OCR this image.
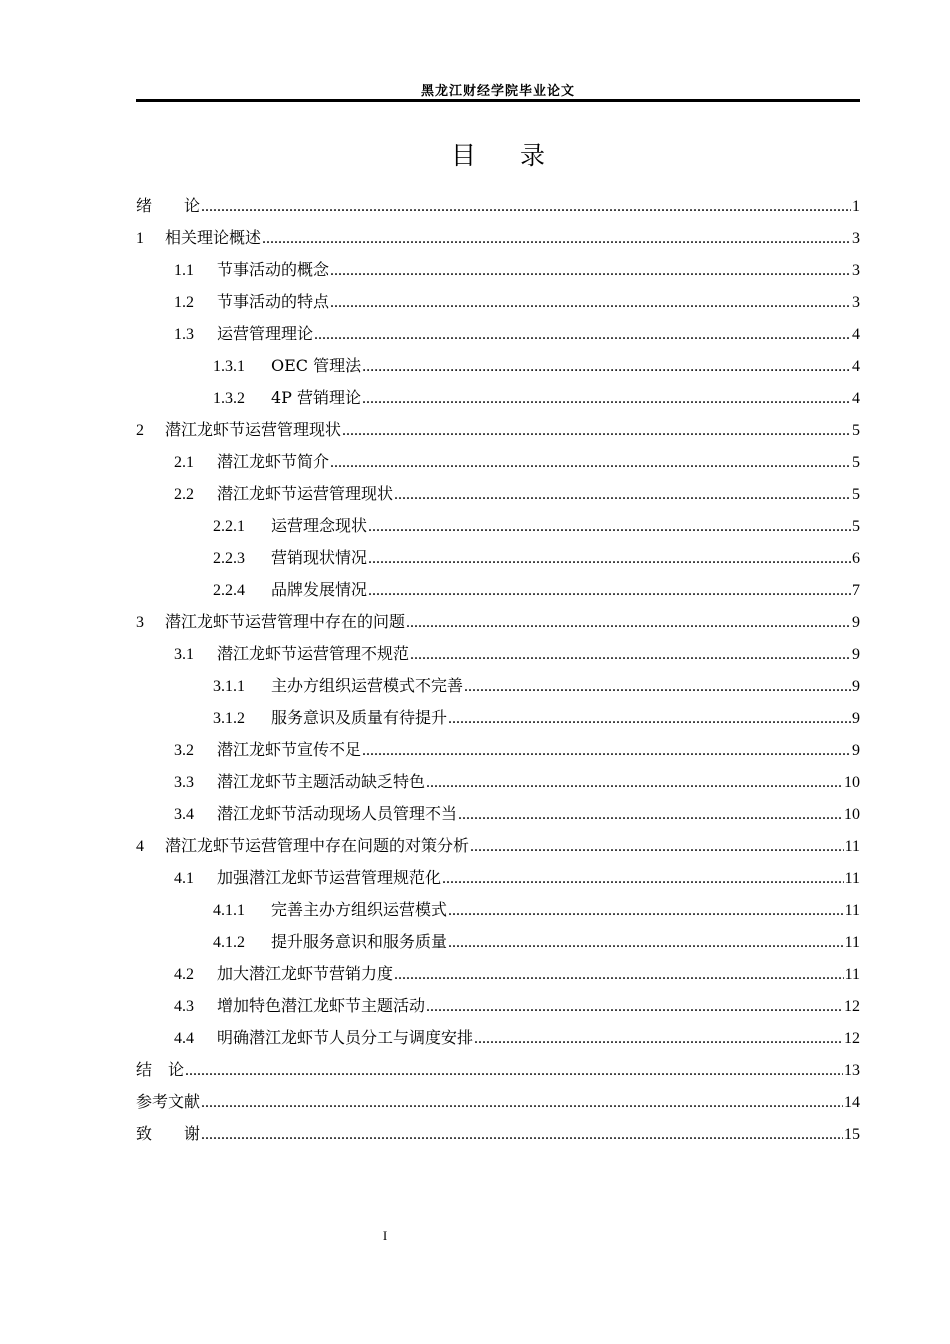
黑龙江财经学院毕业论文
目 录
绪　　论 .....	1
1	相关理论概述 .....	3
1.1	节事活动的概念 .....	3
1.2	节事活动的特点 .....	3
1.3	运营管理理论 .....	4
1.3.1	OEC 管理法 .....	4
1.3.2	4P 营销理论 .....	4
2	潜江龙虾节运营管理现状 .....	5
2.1	潜江龙虾节简介 .....	5
2.2	潜江龙虾节运营管理现状 .....	5
2.2.1	运营理念现状 .....	5
2.2.3	营销现状情况 .....	6
2.2.4	品牌发展情况 .....	7
3	潜江龙虾节运营管理中存在的问题 .....	9
3.1	潜江龙虾节运营管理不规范 .....	9
3.1.1	主办方组织运营模式不完善 .....	9
3.1.2	服务意识及质量有待提升 .....	9
3.2	潜江龙虾节宣传不足 .....	9
3.3	潜江龙虾节主题活动缺乏特色 .....	10
3.4	潜江龙虾节活动现场人员管理不当 .....	10
4	潜江龙虾节运营管理中存在问题的对策分析 .....	11
4.1	加强潜江龙虾节运营管理规范化 .....	11
4.1.1	完善主办方组织运营模式 .....	11
4.1.2	提升服务意识和服务质量 .....	11
4.2	加大潜江龙虾节营销力度 .....	11
4.3	增加特色潜江龙虾节主题活动 .....	12
4.4	明确潜江龙虾节人员分工与调度安排 .....	12
结　论 .....	13
参考文献 .....	14
致　　谢 .....	15
I
